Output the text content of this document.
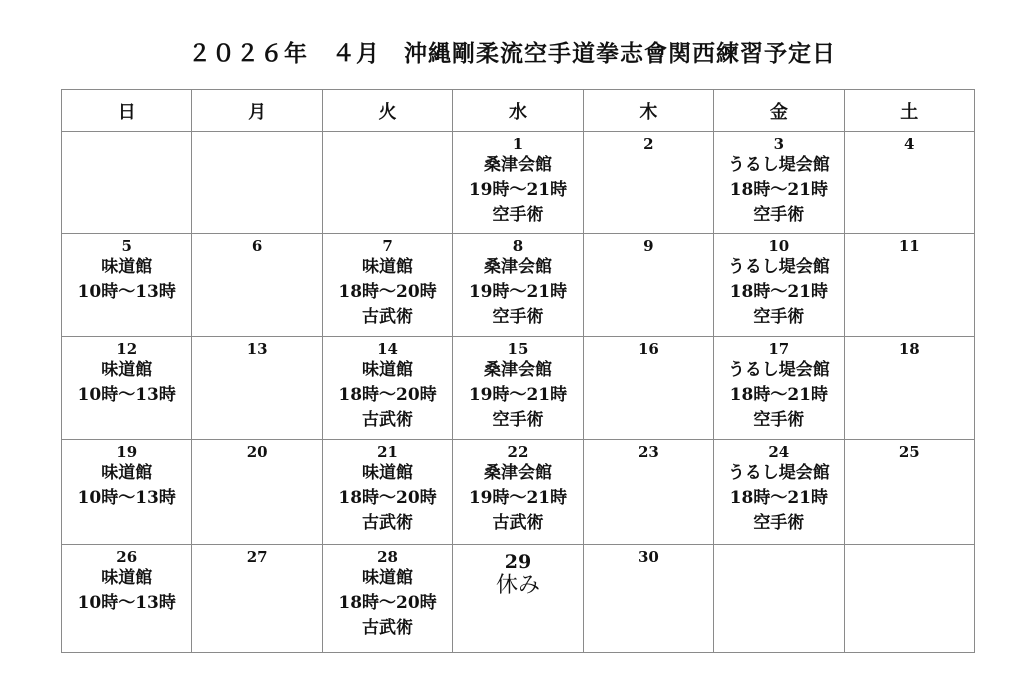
２０２６年　４月　沖縄剛柔流空手道拳志會関西練習予定日
日	月	火	水	木	金	土

			1
桑津会館
19時～21時
空手術	2	3
うるし堤会館
18時～21時
空手術	4

5
味道館
10時～13時	6	7
味道館
18時～20時
古武術	8
桑津会館
19時～21時
空手術	9	10
うるし堤会館
18時～21時
空手術	11

12
味道館
10時～13時	13	14
味道館
18時～20時
古武術	15
桑津会館
19時～21時
空手術	16	17
うるし堤会館
18時～21時
空手術	18

19
味道館
10時～13時	20	21
味道館
18時～20時
古武術	22
桑津会館
19時～21時
古武術	23	24
うるし堤会館
18時～21時
空手術	25

26
味道館
10時～13時	27	28
味道館
18時～20時
古武術	29
休み	30		
